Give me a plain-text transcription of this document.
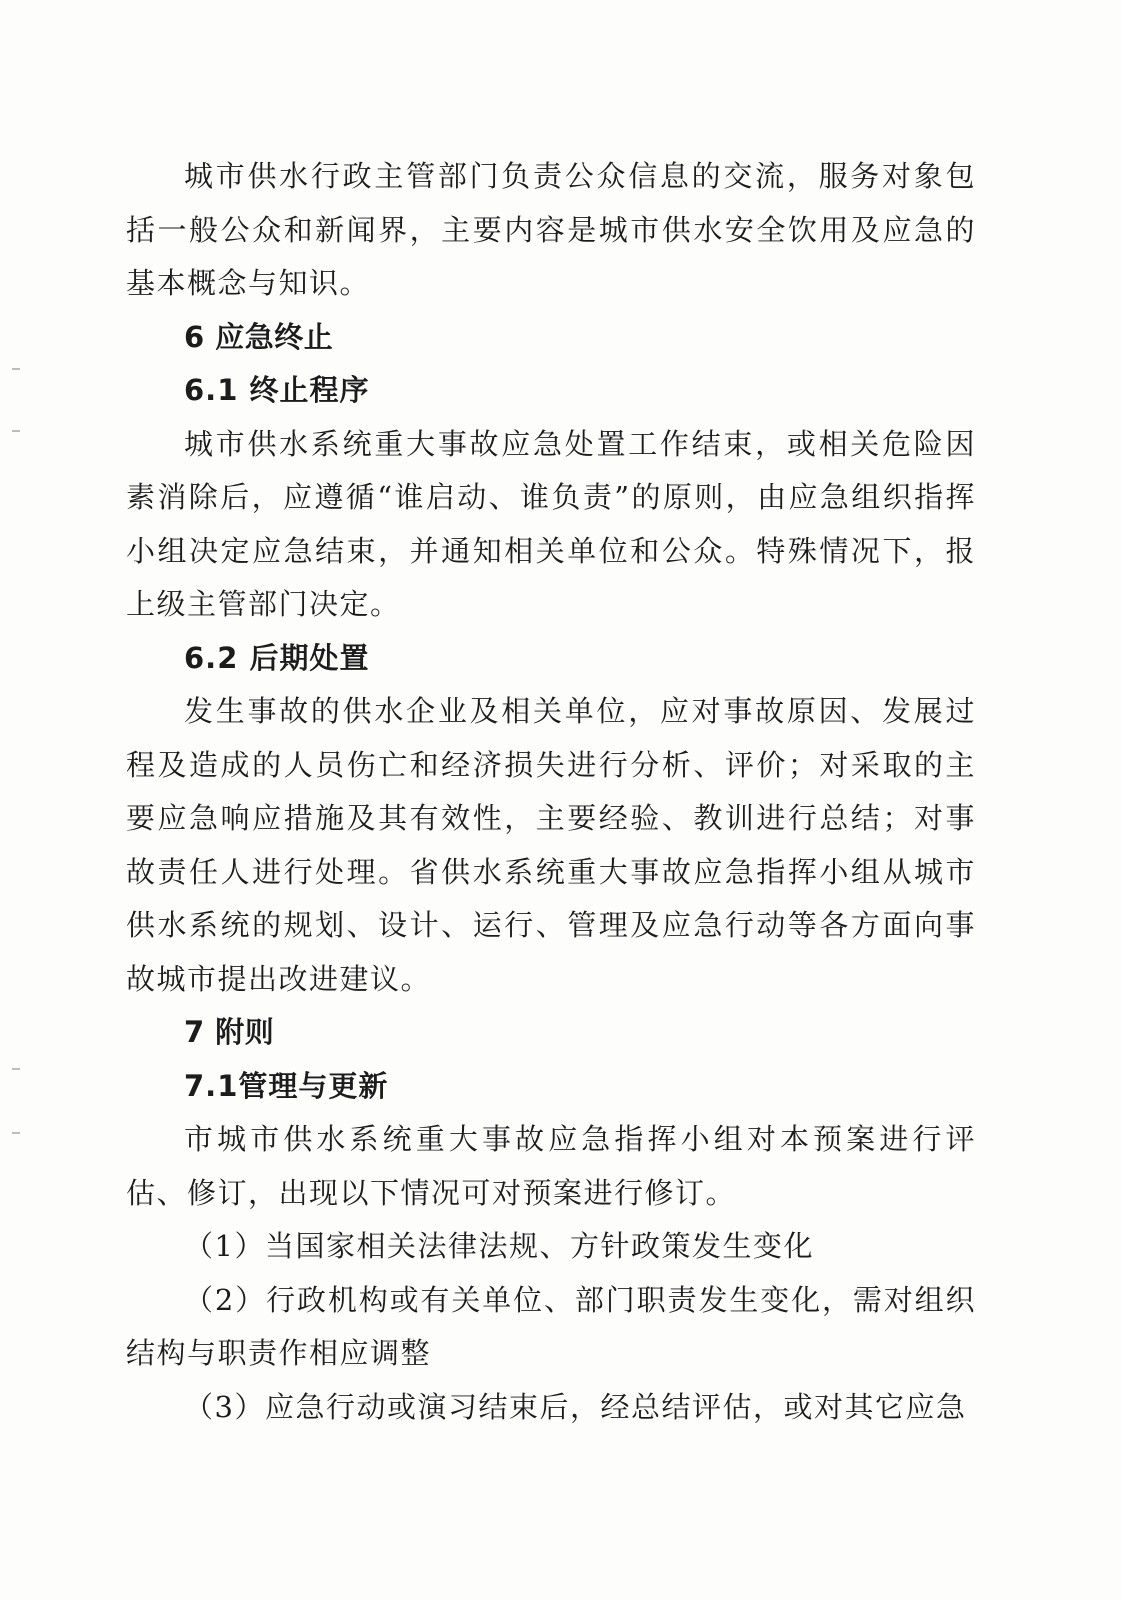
城市供水行政主管部门负责公众信息的交流，服务对象包括一般公众和新闻界，主要内容是城市供水安全饮用及应急的基本概念与知识。

6 应急终止

6.1 终止程序

城市供水系统重大事故应急处置工作结束，或相关危险因素消除后，应遵循“谁启动、谁负责”的原则，由应急组织指挥小组决定应急结束，并通知相关单位和公众。特殊情况下，报上级主管部门决定。

6.2 后期处置

发生事故的供水企业及相关单位，应对事故原因、发展过程及造成的人员伤亡和经济损失进行分析、评价；对采取的主要应急响应措施及其有效性，主要经验、教训进行总结；对事故责任人进行处理。省供水系统重大事故应急指挥小组从城市供水系统的规划、设计、运行、管理及应急行动等各方面向事故城市提出改进建议。

7 附则

7.1管理与更新

市城市供水系统重大事故应急指挥小组对本预案进行评估、修订，出现以下情况可对预案进行修订。

（1）当国家相关法律法规、方针政策发生变化

（2）行政机构或有关单位、部门职责发生变化，需对组织结构与职责作相应调整

（3）应急行动或演习结束后，经总结评估，或对其它应急
